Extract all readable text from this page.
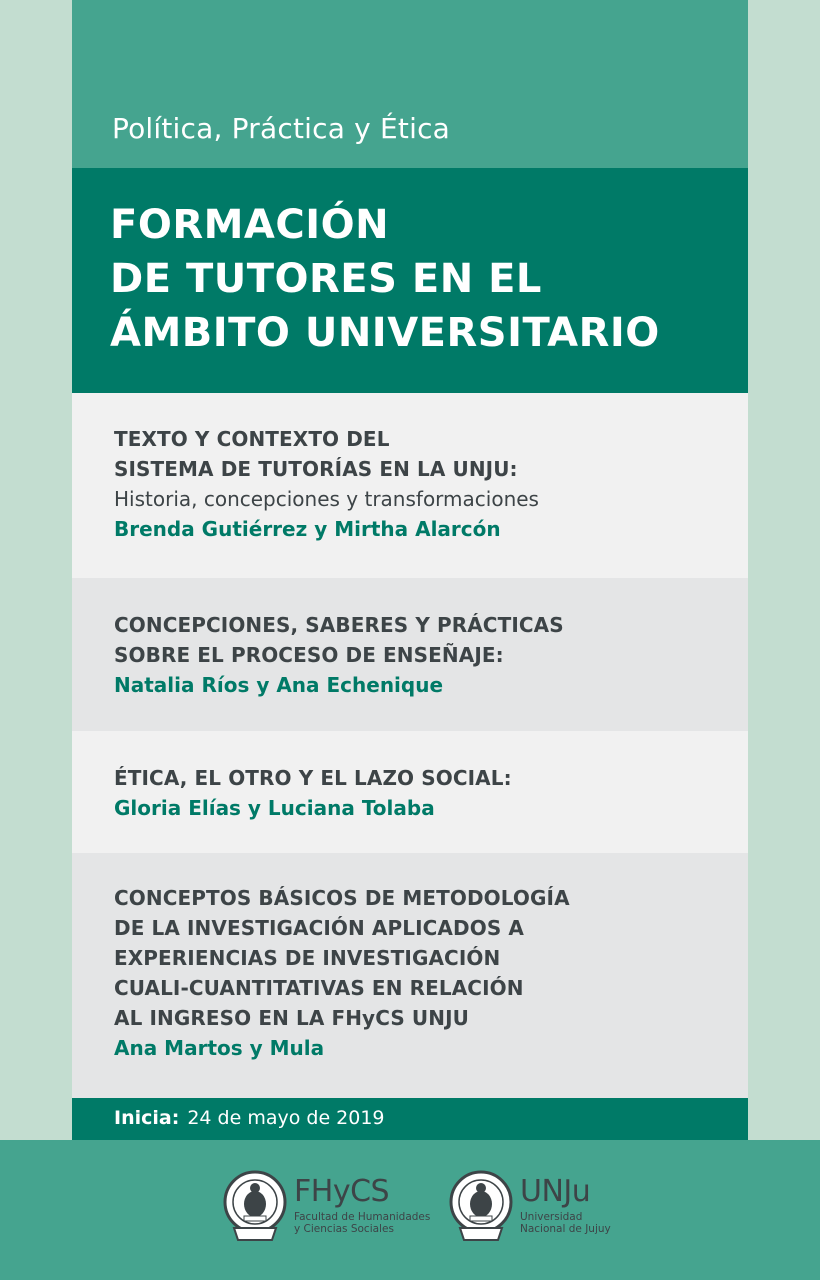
Política, Práctica y Ética
FORMACIÓN
DE TUTORES EN EL
ÁMBITO UNIVERSITARIO
TEXTO Y CONTEXTO DEL
SISTEMA DE TUTORÍAS EN LA UNJU:
Historia, concepciones y transformaciones
Brenda Gutiérrez y Mirtha Alarcón
CONCEPCIONES, SABERES Y PRÁCTICAS
SOBRE EL PROCESO DE ENSEÑAJE:
Natalia Ríos y Ana Echenique
ÉTICA, EL OTRO Y EL LAZO SOCIAL:
Gloria Elías y Luciana Tolaba
CONCEPTOS BÁSICOS DE METODOLOGÍA
DE LA INVESTIGACIÓN APLICADOS A
EXPERIENCIAS DE INVESTIGACIÓN
CUALI-CUANTITATIVAS EN RELACIÓN
AL INGRESO EN LA FHyCS UNJU
Ana Martos y Mula
Inicia: 24 de mayo de 2019
FHyCS
Facultad de Humanidades
y Ciencias Sociales
UNJu
Universidad
Nacional de Jujuy
